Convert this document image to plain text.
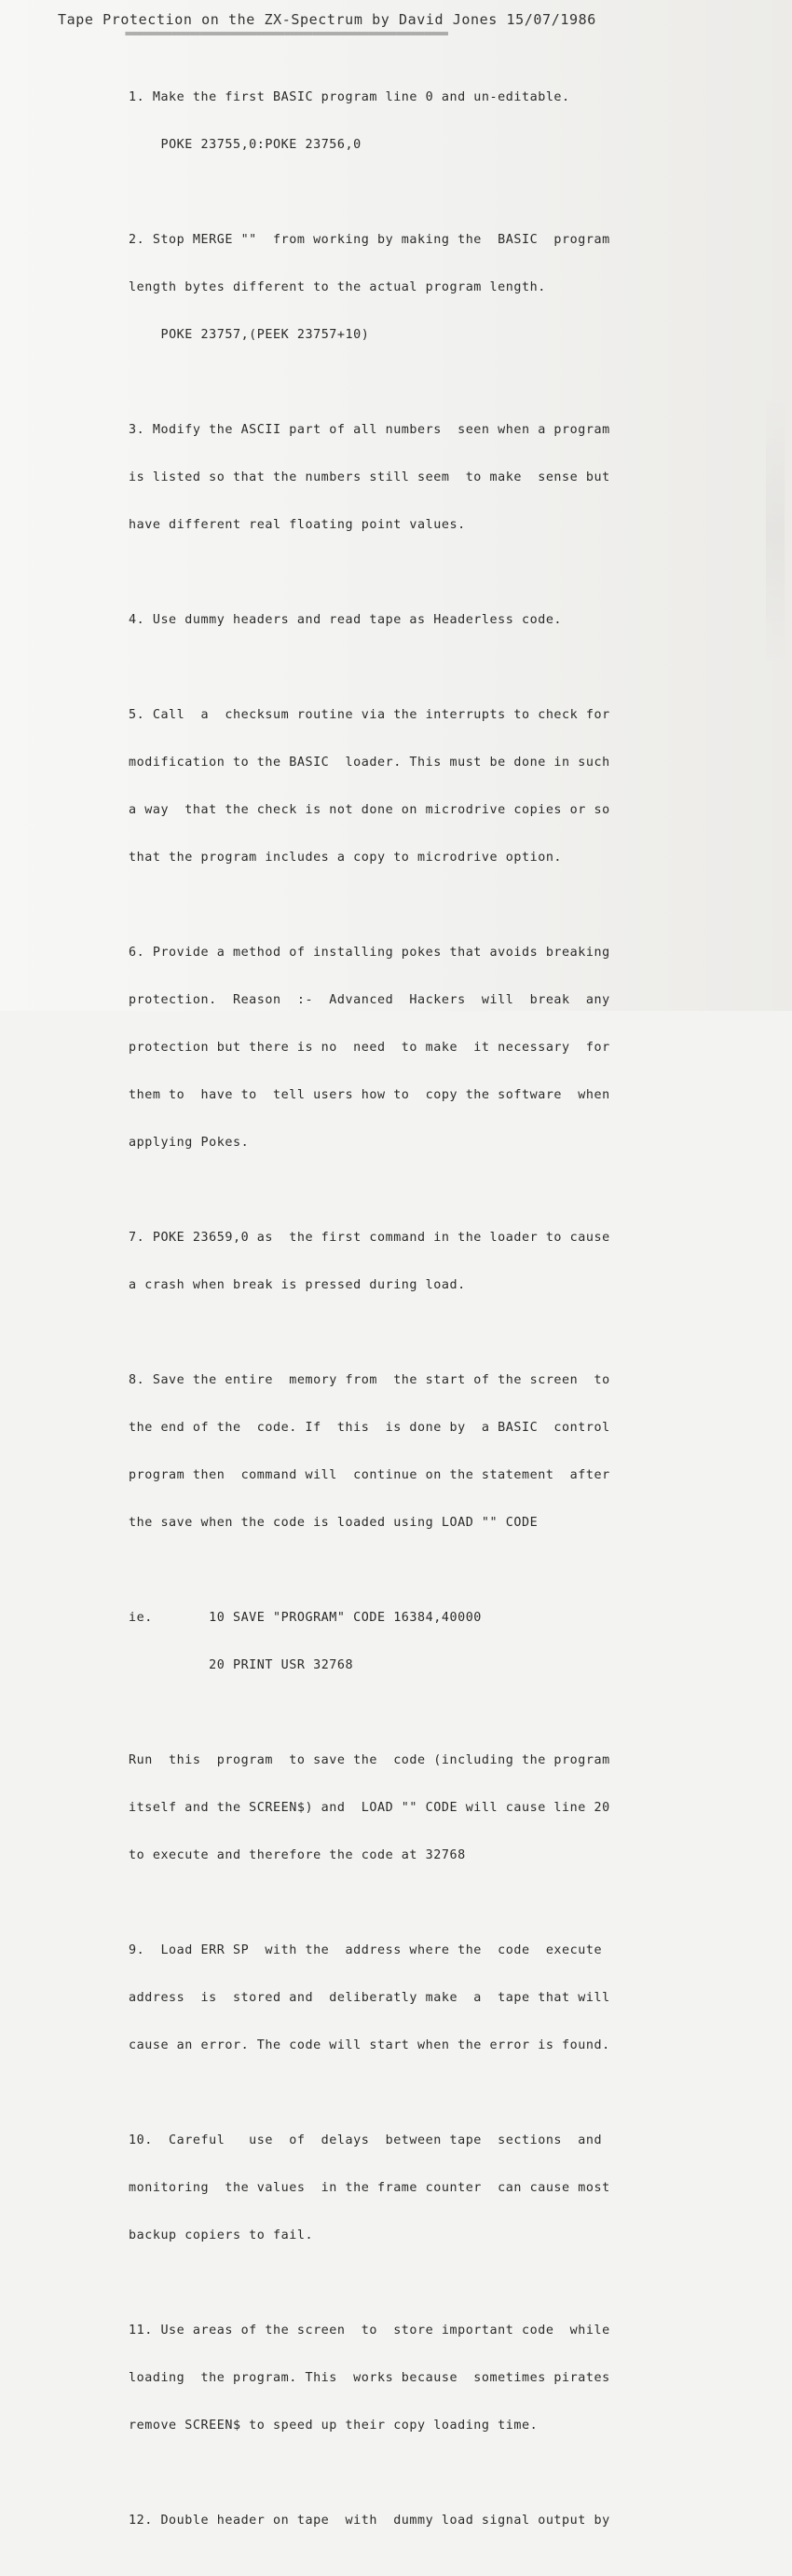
Tape Protection on the ZX-Spectrum by David Jones 15/07/1986
=====================================================================

1. Make the first BASIC program line 0 and un-editable.

POKE 23755,0:POKE 23756,0

2. Stop MERGE ""  from working by making the  BASIC  program

length bytes different to the actual program length.

POKE 23757,(PEEK 23757+10)

3. Modify the ASCII part of all numbers  seen when a program

is listed so that the numbers still seem  to make  sense but

have different real floating point values.

4. Use dummy headers and read tape as Headerless code.

5. Call  a  checksum routine via the interrupts to check for

modification to the BASIC  loader. This must be done in such

a way  that the check is not done on microdrive copies or so

that the program includes a copy to microdrive option.

6. Provide a method of installing pokes that avoids breaking

protection.  Reason  :-  Advanced  Hackers  will  break  any

protection but there is no  need  to make  it necessary  for

them to  have to  tell users how to  copy the software  when

applying Pokes.

7. POKE 23659,0 as  the first command in the loader to cause

a crash when break is pressed during load.

8. Save the entire  memory from  the start of the screen  to

the end of the  code. If  this  is done by  a BASIC  control

program then  command will  continue on the statement  after

the save when the code is loaded using LOAD "" CODE

ie.       10 SAVE "PROGRAM" CODE 16384,40000

20 PRINT USR 32768

Run  this  program  to save the  code (including the program

itself and the SCREEN$) and  LOAD "" CODE will cause line 20

to execute and therefore the code at 32768

9.  Load ERR SP  with the  address where the  code  execute

address  is  stored and  deliberatly make  a  tape that will

cause an error. The code will start when the error is found.

10.  Careful   use  of  delays  between tape  sections  and

monitoring  the values  in the frame counter  can cause most

backup copiers to fail.

11. Use areas of the screen  to  store important code  while

loading  the program. This  works because  sometimes pirates

remove SCREEN$ to speed up their copy loading time.

12. Double header on tape  with  dummy load signal output by
